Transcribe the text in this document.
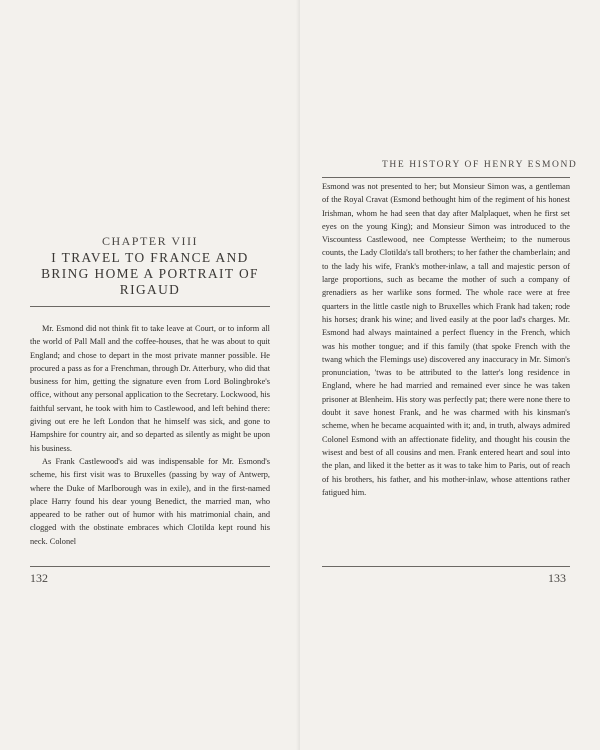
CHAPTER VIII
I TRAVEL TO FRANCE AND BRING HOME A PORTRAIT OF RIGAUD

Mr. Esmond did not think fit to take leave at Court, or to inform all the world of Pall Mall and the coffee-houses, that he was about to quit England; and chose to depart in the most private manner possible. He procured a pass as for a Frenchman, through Dr. Atterbury, who did that business for him, getting the signature even from Lord Bolingbroke's office, without any personal application to the Secretary. Lockwood, his faithful servant, he took with him to Castlewood, and left behind there: giving out ere he left London that he himself was sick, and gone to Hampshire for country air, and so departed as silently as might be upon his business.

As Frank Castlewood's aid was indispensable for Mr. Esmond's scheme, his first visit was to Bruxelles (passing by way of Antwerp, where the Duke of Marlborough was in exile), and in the first-named place Harry found his dear young Benedict, the married man, who appeared to be rather out of humor with his matrimonial chain, and clogged with the obstinate embraces which Clotilda kept round his neck. Colonel

132
THE HISTORY OF HENRY ESMOND

Esmond was not presented to her; but Monsieur Simon was, a gentleman of the Royal Cravat (Esmond bethought him of the regiment of his honest Irishman, whom he had seen that day after Malplaquet, when he first set eyes on the young King); and Monsieur Simon was introduced to the Viscountess Castlewood, nee Comptesse Wertheim; to the numerous counts, the Lady Clotilda's tall brothers; to her father the chamberlain; and to the lady his wife, Frank's mother-inlaw, a tall and majestic person of large proportions, such as became the mother of such a company of grenadiers as her warlike sons formed. The whole race were at free quarters in the little castle nigh to Bruxelles which Frank had taken; rode his horses; drank his wine; and lived easily at the poor lad's charges. Mr. Esmond had always maintained a perfect fluency in the French, which was his mother tongue; and if this family (that spoke French with the twang which the Flemings use) discovered any inaccuracy in Mr. Simon's pronunciation, 'twas to be attributed to the latter's long residence in England, where he had married and remained ever since he was taken prisoner at Blenheim. His story was perfectly pat; there were none there to doubt it save honest Frank, and he was charmed with his kinsman's scheme, when he became acquainted with it; and, in truth, always admired Colonel Esmond with an affectionate fidelity, and thought his cousin the wisest and best of all cousins and men. Frank entered heart and soul into the plan, and liked it the better as it was to take him to Paris, out of reach of his brothers, his father, and his mother-inlaw, whose attentions rather fatigued him.

133
